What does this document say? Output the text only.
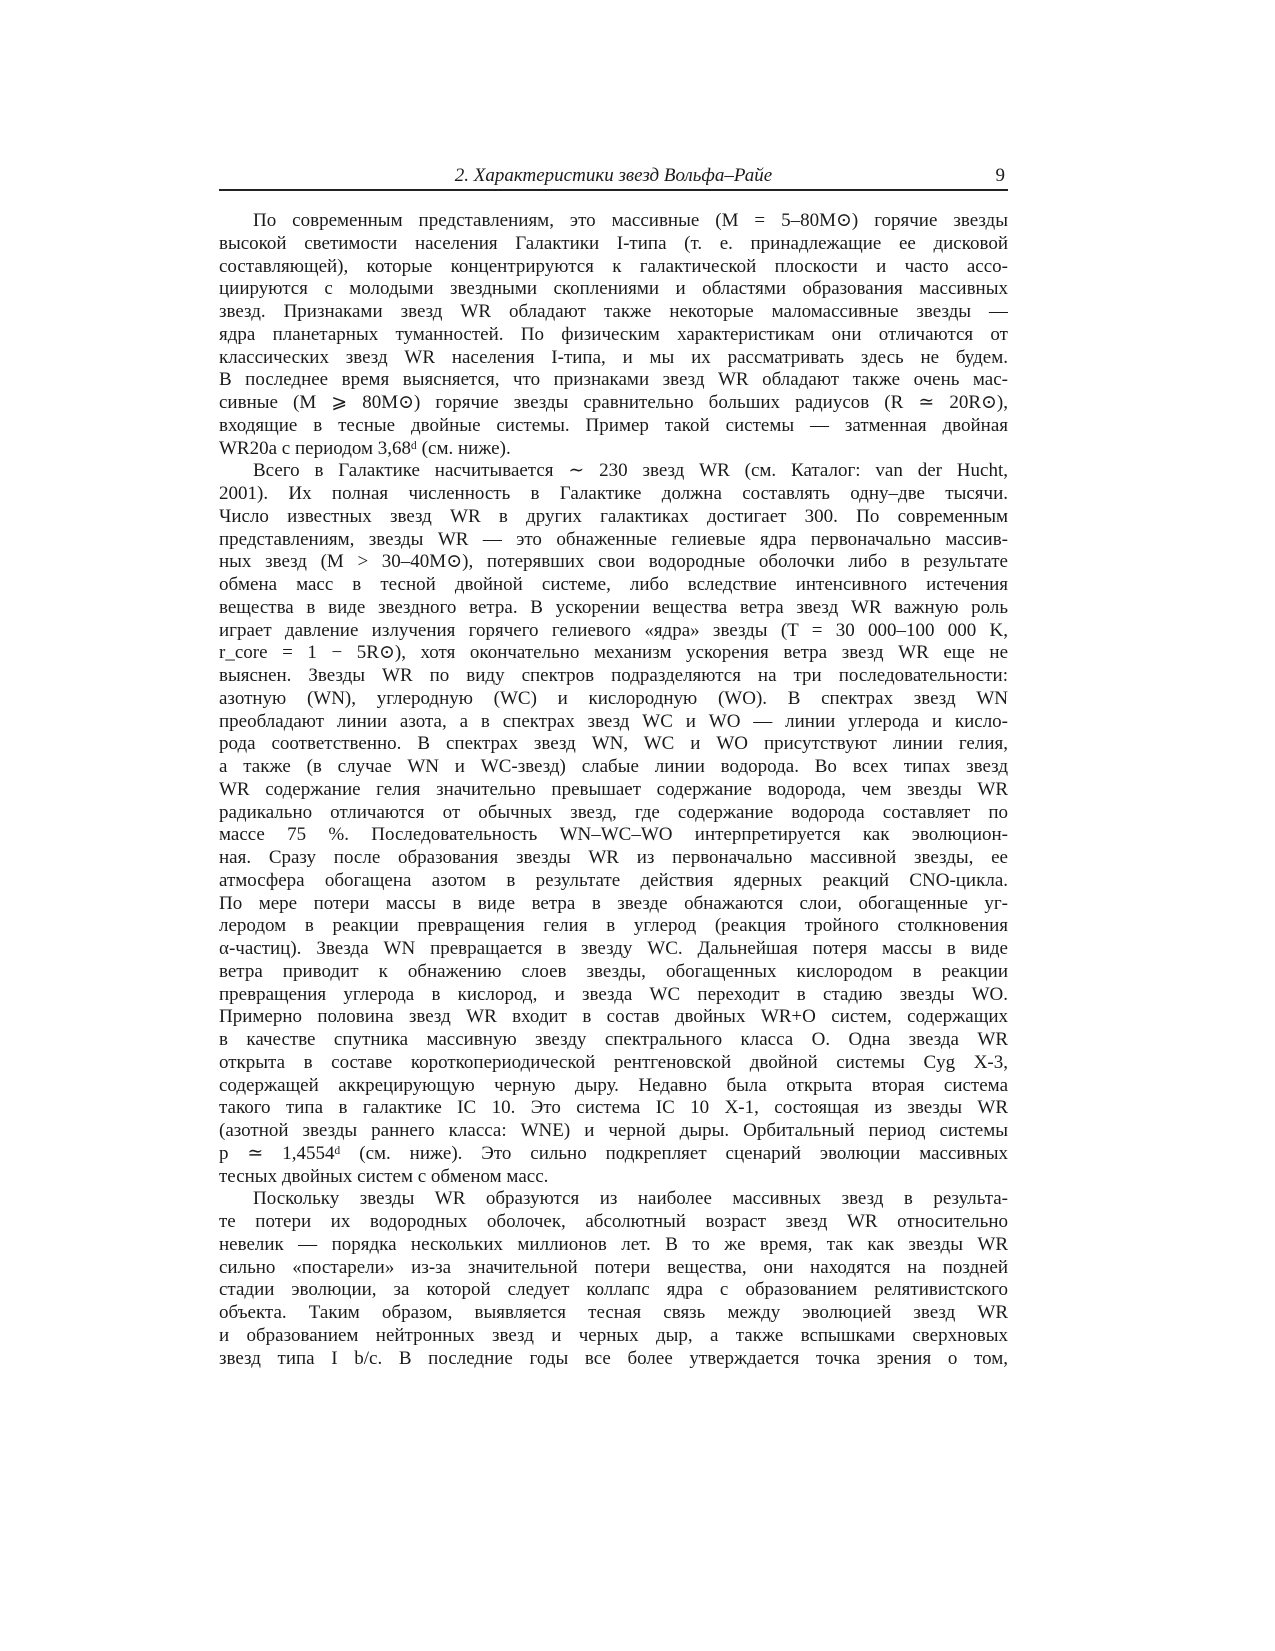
2. Характеристики звезд Вольфа–Райе	9
По современным представлениям, это массивные (M = 5–80M⊙) горячие звезды
высокой светимости населения Галактики I-типа (т. е. принадлежащие ее дисковой
составляющей), которые концентрируются к галактической плоскости и часто ассо-
циируются с молодыми звездными скоплениями и областями образования массивных
звезд. Признаками звезд WR обладают также некоторые маломассивные звезды —
ядра планетарных туманностей. По физическим характеристикам они отличаются от
классических звезд WR населения I-типа, и мы их рассматривать здесь не будем.
В последнее время выясняется, что признаками звезд WR обладают также очень мас-
сивные (M ⩾ 80M⊙) горячие звезды сравнительно больших радиусов (R ≃ 20R⊙),
входящие в тесные двойные системы. Пример такой системы — затменная двойная
WR20a с периодом 3,68ᵈ (см. ниже).
Всего в Галактике насчитывается ∼ 230 звезд WR (см. Каталог: van der Hucht,
2001). Их полная численность в Галактике должна составлять одну–две тысячи.
Число известных звезд WR в других галактиках достигает 300. По современным
представлениям, звезды WR — это обнаженные гелиевые ядра первоначально массив-
ных звезд (M > 30–40M⊙), потерявших свои водородные оболочки либо в результате
обмена масс в тесной двойной системе, либо вследствие интенсивного истечения
вещества в виде звездного ветра. В ускорении вещества ветра звезд WR важную роль
играет давление излучения горячего гелиевого «ядра» звезды (T = 30 000–100 000 K,
r_core = 1 − 5R⊙), хотя окончательно механизм ускорения ветра звезд WR еще не
выяснен. Звезды WR по виду спектров подразделяются на три последовательности:
азотную (WN), углеродную (WC) и кислородную (WO). В спектрах звезд WN
преобладают линии азота, а в спектрах звезд WC и WO — линии углерода и кисло-
рода соответственно. В спектрах звезд WN, WC и WO присутствуют линии гелия,
а также (в случае WN и WC-звезд) слабые линии водорода. Во всех типах звезд
WR содержание гелия значительно превышает содержание водорода, чем звезды WR
радикально отличаются от обычных звезд, где содержание водорода составляет по
массе 75 %. Последовательность WN–WC–WO интерпретируется как эволюцион-
ная. Сразу после образования звезды WR из первоначально массивной звезды, ее
атмосфера обогащена азотом в результате действия ядерных реакций CNO-цикла.
По мере потери массы в виде ветра в звезде обнажаются слои, обогащенные уг-
леродом в реакции превращения гелия в углерод (реакция тройного столкновения
α-частиц). Звезда WN превращается в звезду WC. Дальнейшая потеря массы в виде
ветра приводит к обнажению слоев звезды, обогащенных кислородом в реакции
превращения углерода в кислород, и звезда WC переходит в стадию звезды WO.
Примерно половина звезд WR входит в состав двойных WR+O систем, содержащих
в качестве спутника массивную звезду спектрального класса O. Одна звезда WR
открыта в составе короткопериодической рентгеновской двойной системы Cyg X-3,
содержащей аккрецирующую черную дыру. Недавно была открыта вторая система
такого типа в галактике IC 10. Это система IC 10 X-1, состоящая из звезды WR
(азотной звезды раннего класса: WNE) и черной дыры. Орбитальный период системы
p ≃ 1,4554ᵈ (см. ниже). Это сильно подкрепляет сценарий эволюции массивных
тесных двойных систем с обменом масс.
Поскольку звезды WR образуются из наиболее массивных звезд в результа-
те потери их водородных оболочек, абсолютный возраст звезд WR относительно
невелик — порядка нескольких миллионов лет. В то же время, так как звезды WR
сильно «постарели» из-за значительной потери вещества, они находятся на поздней
стадии эволюции, за которой следует коллапс ядра с образованием релятивистского
объекта. Таким образом, выявляется тесная связь между эволюцией звезд WR
и образованием нейтронных звезд и черных дыр, а также вспышками сверхновых
звезд типа I b/c. В последние годы все более утверждается точка зрения о том,
